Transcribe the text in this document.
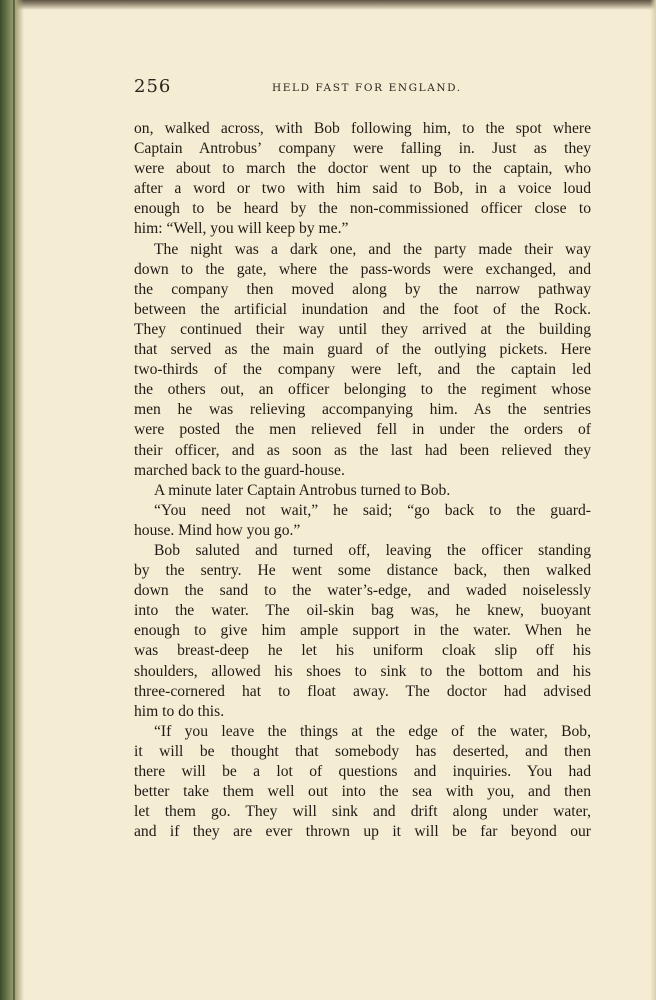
256	HELD FAST FOR ENGLAND.
on, walked across, with Bob following him, to the spot where
Captain Antrobus’ company were falling in. Just as they
were about to march the doctor went up to the captain, who
after a word or two with him said to Bob, in a voice loud
enough to be heard by the non-commissioned officer close to
him: “Well, you will keep by me.”
The night was a dark one, and the party made their way
down to the gate, where the pass-words were exchanged, and
the company then moved along by the narrow pathway
between the artificial inundation and the foot of the Rock.
They continued their way until they arrived at the building
that served as the main guard of the outlying pickets. Here
two-thirds of the company were left, and the captain led
the others out, an officer belonging to the regiment whose
men he was relieving accompanying him. As the sentries
were posted the men relieved fell in under the orders of
their officer, and as soon as the last had been relieved they
marched back to the guard-house.
A minute later Captain Antrobus turned to Bob.
“You need not wait,” he said; “go back to the guard-
house. Mind how you go.”
Bob saluted and turned off, leaving the officer standing
by the sentry. He went some distance back, then walked
down the sand to the water’s-edge, and waded noiselessly
into the water. The oil-skin bag was, he knew, buoyant
enough to give him ample support in the water. When he
was breast-deep he let his uniform cloak slip off his
shoulders, allowed his shoes to sink to the bottom and his
three-cornered hat to float away. The doctor had advised
him to do this.
“If you leave the things at the edge of the water, Bob,
it will be thought that somebody has deserted, and then
there will be a lot of questions and inquiries. You had
better take them well out into the sea with you, and then
let them go. They will sink and drift along under water,
and if they are ever thrown up it will be far beyond our
